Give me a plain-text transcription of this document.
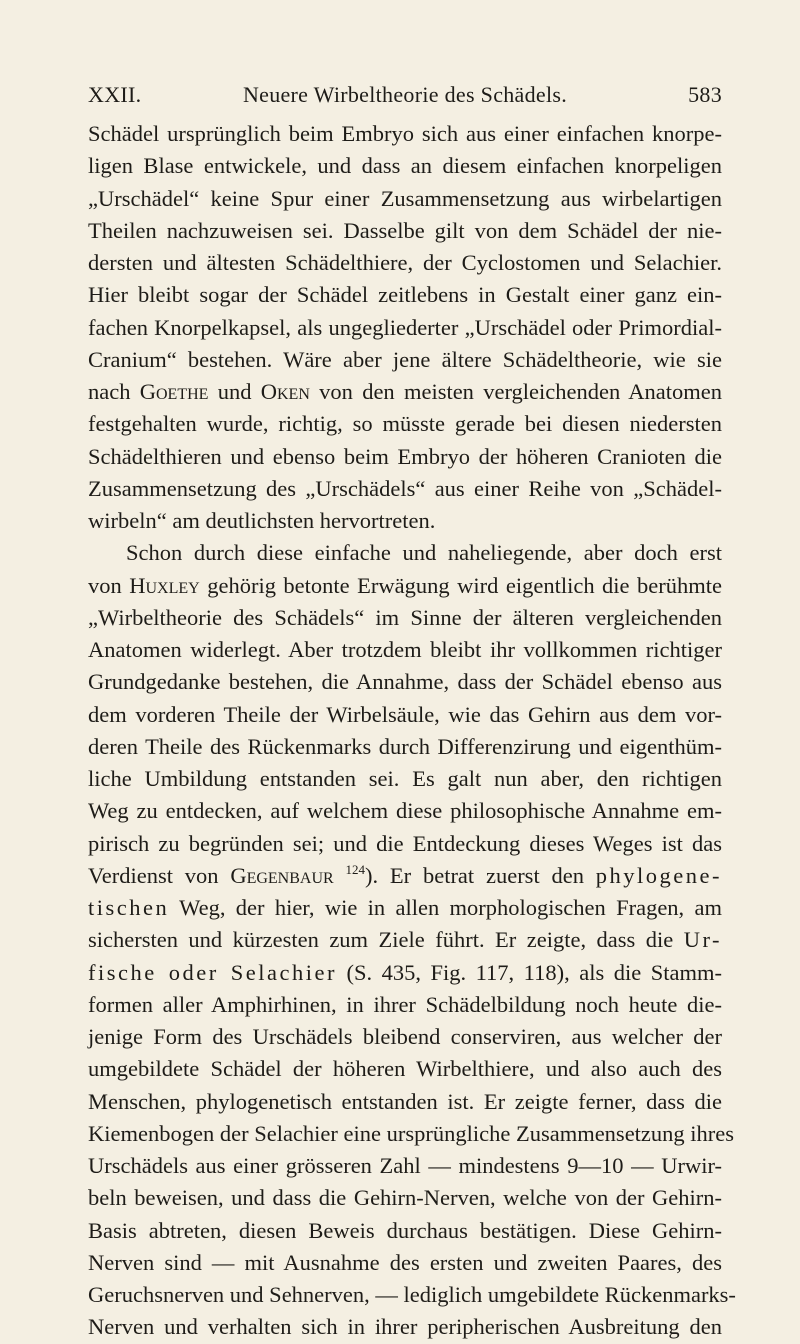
XXII.	Neuere Wirbeltheorie des Schädels.	583
Schädel ursprünglich beim Embryo sich aus einer einfachen knorpe-
ligen Blase entwickele, und dass an diesem einfachen knorpeligen
„Urschädel“ keine Spur einer Zusammensetzung aus wirbelartigen
Theilen nachzuweisen sei. Dasselbe gilt von dem Schädel der nie-
dersten und ältesten Schädelthiere, der Cyclostomen und Selachier.
Hier bleibt sogar der Schädel zeitlebens in Gestalt einer ganz ein-
fachen Knorpelkapsel, als ungegliederter „Urschädel oder Primordial-
Cranium“ bestehen. Wäre aber jene ältere Schädeltheorie, wie sie
nach Goethe und Oken von den meisten vergleichenden Anatomen
festgehalten wurde, richtig, so müsste gerade bei diesen niedersten
Schädelthieren und ebenso beim Embryo der höheren Cranioten die
Zusammensetzung des „Urschädels“ aus einer Reihe von „Schädel-
wirbeln“ am deutlichsten hervortreten.
Schon durch diese einfache und naheliegende, aber doch erst
von Huxley gehörig betonte Erwägung wird eigentlich die berühmte
„Wirbeltheorie des Schädels“ im Sinne der älteren vergleichenden
Anatomen widerlegt. Aber trotzdem bleibt ihr vollkommen richtiger
Grundgedanke bestehen, die Annahme, dass der Schädel ebenso aus
dem vorderen Theile der Wirbelsäule, wie das Gehirn aus dem vor-
deren Theile des Rückenmarks durch Differenzirung und eigenthüm-
liche Umbildung entstanden sei. Es galt nun aber, den richtigen
Weg zu entdecken, auf welchem diese philosophische Annahme em-
pirisch zu begründen sei; und die Entdeckung dieses Weges ist das
Verdienst von Gegenbaur $^{124}$). Er betrat zuerst den phylogene-
tischen Weg, der hier, wie in allen morphologischen Fragen, am
sichersten und kürzesten zum Ziele führt. Er zeigte, dass die Ur-
fische oder Selachier (S. 435, Fig. 117, 118), als die Stamm-
formen aller Amphirhinen, in ihrer Schädelbildung noch heute die-
jenige Form des Urschädels bleibend conserviren, aus welcher der
umgebildete Schädel der höheren Wirbelthiere, und also auch des
Menschen, phylogenetisch entstanden ist. Er zeigte ferner, dass die
Kiemenbogen der Selachier eine ursprüngliche Zusammensetzung ihres
Urschädels aus einer grösseren Zahl — mindestens 9—10 — Urwir-
beln beweisen, und dass die Gehirn-Nerven, welche von der Gehirn-
Basis abtreten, diesen Beweis durchaus bestätigen. Diese Gehirn-
Nerven sind — mit Ausnahme des ersten und zweiten Paares, des
Geruchsnerven und Sehnerven, — lediglich umgebildete Rückenmarks-
Nerven und verhalten sich in ihrer peripherischen Ausbreitung den
